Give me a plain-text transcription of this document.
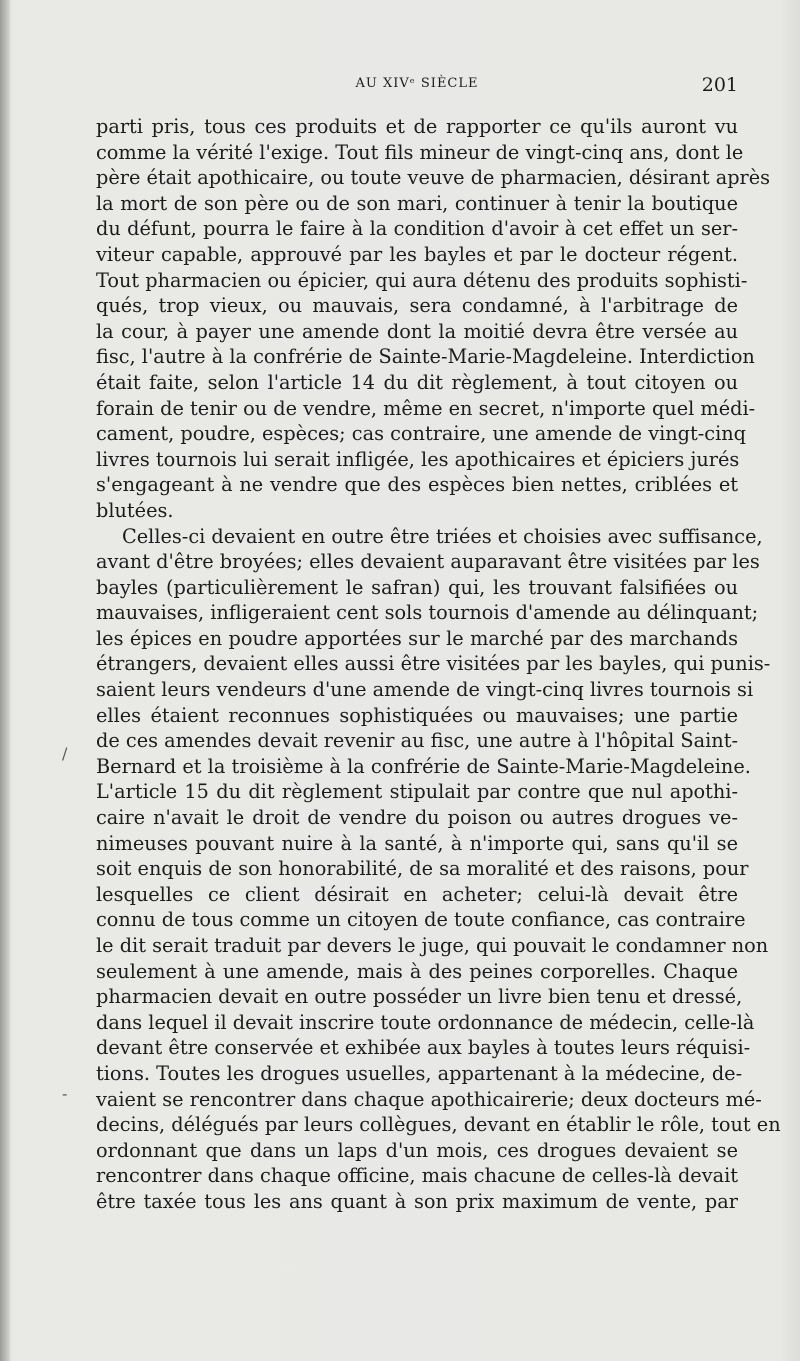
AU XIVᵉ SIÈCLE	201
/
-
parti pris, tous ces produits et de rapporter ce qu'ils auront vu
comme la vérité l'exige. Tout fils mineur de vingt-cinq ans, dont le
père était apothicaire, ou toute veuve de pharmacien, désirant après
la mort de son père ou de son mari, continuer à tenir la boutique
du défunt, pourra le faire à la condition d'avoir à cet effet un ser-
viteur capable, approuvé par les bayles et par le docteur régent.
Tout pharmacien ou épicier, qui aura détenu des produits sophisti-
qués, trop vieux, ou mauvais, sera condamné, à l'arbitrage de
la cour, à payer une amende dont la moitié devra être versée au
fisc, l'autre à la confrérie de Sainte-Marie-Magdeleine. Interdiction
était faite, selon l'article 14 du dit règlement, à tout citoyen ou
forain de tenir ou de vendre, même en secret, n'importe quel médi-
cament, poudre, espèces; cas contraire, une amende de vingt-cinq
livres tournois lui serait infligée, les apothicaires et épiciers jurés
s'engageant à ne vendre que des espèces bien nettes, criblées et
blutées.
Celles-ci devaient en outre être triées et choisies avec suffisance,
avant d'être broyées; elles devaient auparavant être visitées par les
bayles (particulièrement le safran) qui, les trouvant falsifiées ou
mauvaises, infligeraient cent sols tournois d'amende au délinquant;
les épices en poudre apportées sur le marché par des marchands
étrangers, devaient elles aussi être visitées par les bayles, qui punis-
saient leurs vendeurs d'une amende de vingt-cinq livres tournois si
elles étaient reconnues sophistiquées ou mauvaises; une partie
de ces amendes devait revenir au fisc, une autre à l'hôpital Saint-
Bernard et la troisième à la confrérie de Sainte-Marie-Magdeleine.
L'article 15 du dit règlement stipulait par contre que nul apothi-
caire n'avait le droit de vendre du poison ou autres drogues ve-
nimeuses pouvant nuire à la santé, à n'importe qui, sans qu'il se
soit enquis de son honorabilité, de sa moralité et des raisons, pour
lesquelles ce client désirait en acheter; celui-là devait être
connu de tous comme un citoyen de toute confiance, cas contraire
le dit serait traduit par devers le juge, qui pouvait le condamner non
seulement à une amende, mais à des peines corporelles. Chaque
pharmacien devait en outre posséder un livre bien tenu et dressé,
dans lequel il devait inscrire toute ordonnance de médecin, celle-là
devant être conservée et exhibée aux bayles à toutes leurs réquisi-
tions. Toutes les drogues usuelles, appartenant à la médecine, de-
vaient se rencontrer dans chaque apothicairerie; deux docteurs mé-
decins, délégués par leurs collègues, devant en établir le rôle, tout en
ordonnant que dans un laps d'un mois, ces drogues devaient se
rencontrer dans chaque officine, mais chacune de celles-là devait
être taxée tous les ans quant à son prix maximum de vente, par
